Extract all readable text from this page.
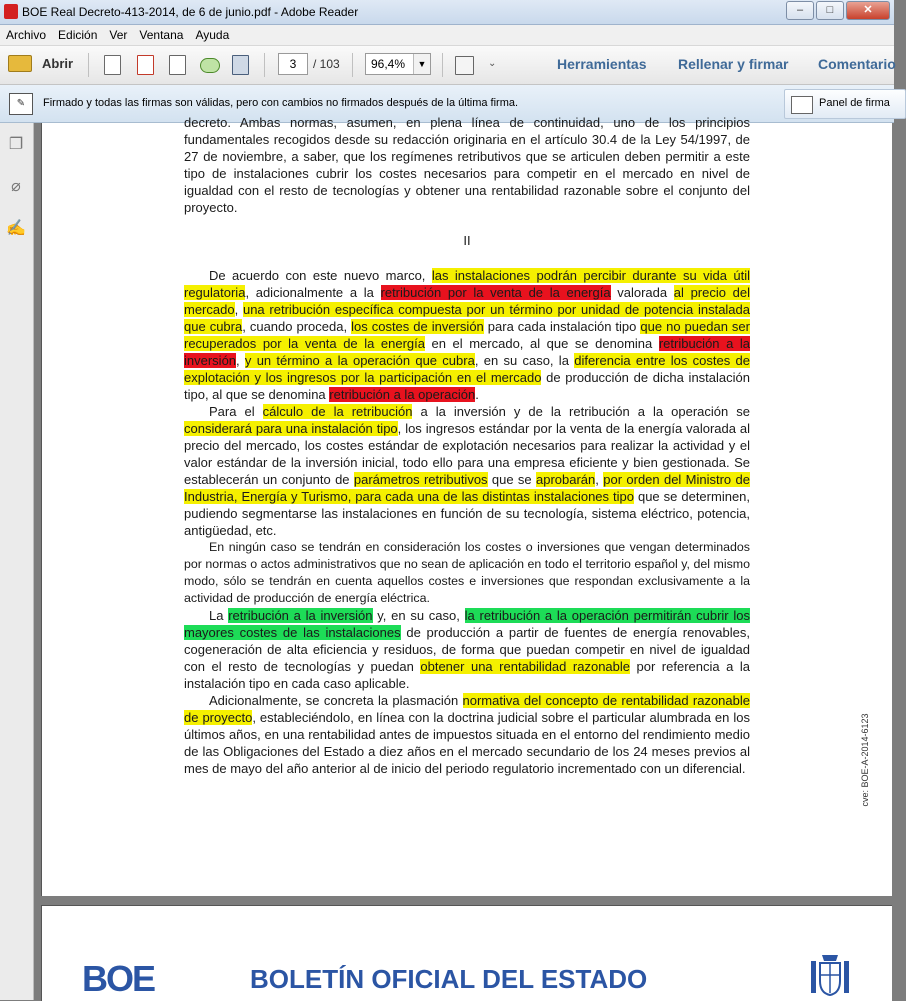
BOE Real Decreto-413-2014, de 6 de junio.pdf - Adobe Reader	–	□	✕
Archivo	Edición	Ver	Ventana	Ayuda
Abrir	⌄
3	/ 103	96,4%	▼	Herramientas Rellenar y firmar Comentario
✎	Firmado y todas las firmas son válidas, pero con cambios no firmados después de la última firma.	Panel de firma
❐
⌀
✍

decreto. Ambas normas, asumen, en plena línea de continuidad, uno de los principios

fundamentales recogidos desde su redacción originaria en el artículo 30.4 de la Ley 54/1997, de 27 de noviembre, a saber, que los regímenes retributivos que se articulen deben permitir a este tipo de instalaciones cubrir los costes necesarios para competir en el mercado en nivel de igualdad con el resto de tecnologías y obtener una rentabilidad razonable sobre el conjunto del proyecto.

II

De acuerdo con este nuevo marco, las instalaciones podrán percibir durante su vida útil regulatoria, adicionalmente a la retribución por la venta de la energía valorada al precio del mercado, una retribución específica compuesta por un término por unidad de potencia instalada que cubra, cuando proceda, los costes de inversión para cada instalación tipo que no puedan ser recuperados por la venta de la energía en el mercado, al que se denomina retribución a la inversión, y un término a la operación que cubra, en su caso, la diferencia entre los costes de explotación y los ingresos por la participación en el mercado de producción de dicha instalación tipo, al que se denomina retribución a la operación.

Para el cálculo de la retribución a la inversión y de la retribución a la operación se considerará para una instalación tipo, los ingresos estándar por la venta de la energía valorada al precio del mercado, los costes estándar de explotación necesarios para realizar la actividad y el valor estándar de la inversión inicial, todo ello para una empresa eficiente y bien gestionada. Se establecerán un conjunto de parámetros retributivos que se aprobarán, por orden del Ministro de Industria, Energía y Turismo, para cada una de las distintas instalaciones tipo que se determinen, pudiendo segmentarse las instalaciones en función de su tecnología, sistema eléctrico, potencia, antigüedad, etc.

En ningún caso se tendrán en consideración los costes o inversiones que vengan determinados por normas o actos administrativos que no sean de aplicación en todo el territorio español y, del mismo modo, sólo se tendrán en cuenta aquellos costes e inversiones que respondan exclusivamente a la actividad de producción de energía eléctrica.

La retribución a la inversión y, en su caso, la retribución a la operación permitirán cubrir los mayores costes de las instalaciones de producción a partir de fuentes de energía renovables, cogeneración de alta eficiencia y residuos, de forma que puedan competir en nivel de igualdad con el resto de tecnologías y puedan obtener una rentabilidad razonable por referencia a la instalación tipo en cada caso aplicable.

Adicionalmente, se concreta la plasmación normativa del concepto de rentabilidad razonable de proyecto, estableciéndolo, en línea con la doctrina judicial sobre el particular alumbrada en los últimos años, en una rentabilidad antes de impuestos situada en el entorno del rendimiento medio de las Obligaciones del Estado a diez años en el mercado secundario de los 24 meses previos al mes de mayo del año anterior al de inicio del periodo regulatorio incrementado con un diferencial.	cve: BOE-A-2014-6123
BOE	BOLETÍN OFICIAL DEL ESTADO
